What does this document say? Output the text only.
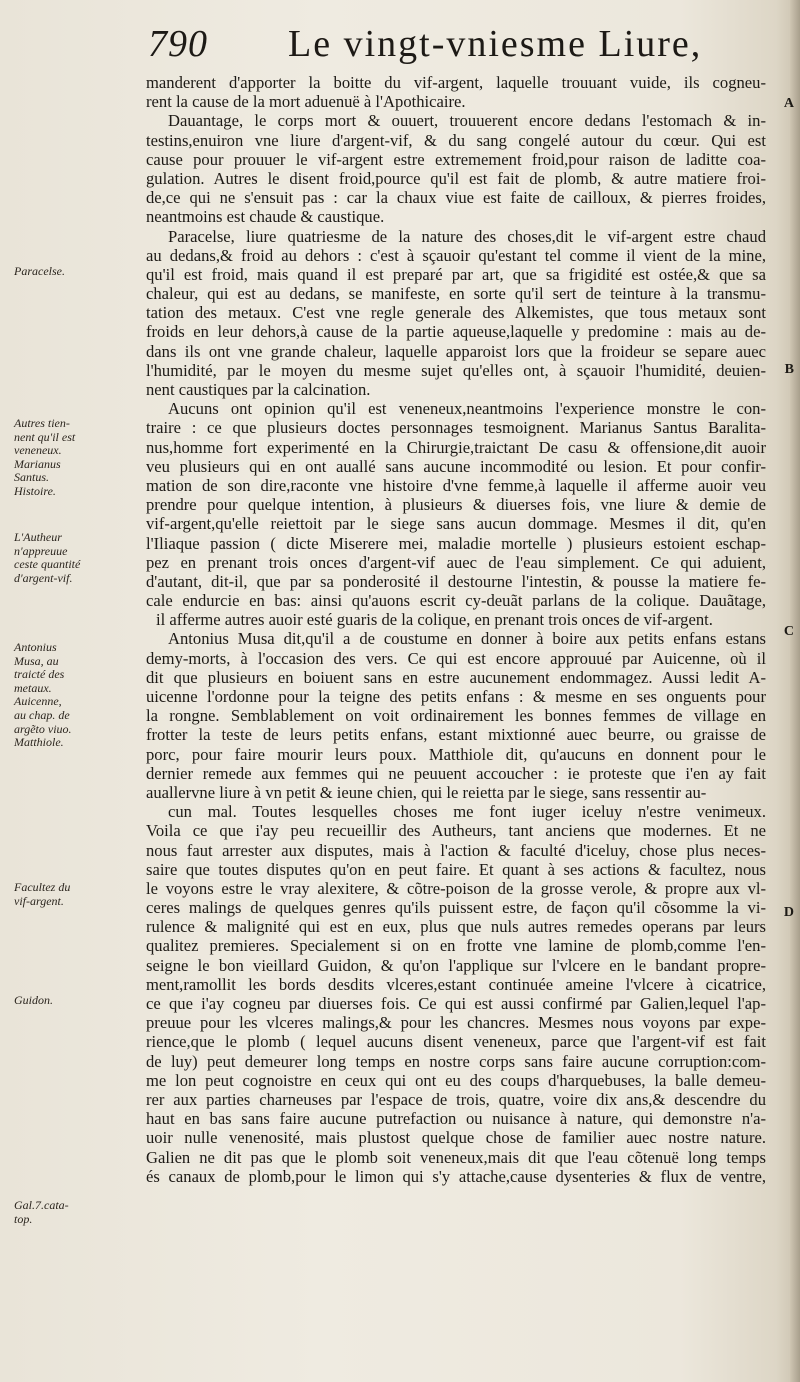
790 Le vingt-vniesme Liure,
Paracelse.
Autres tien-
nent qu'il est
veneneux.
Marianus
Santus.
Histoire.
L'Autheur
n'appreuue
ceste quantité
d'argent-vif.
Antonius
Musa, au
traicté des
metaux.
Auicenne,
au chap. de
argẽto viuo.
Matthiole.
Facultez du
vif-argent.
Guidon.
Gal.7.cata-
top.
A
B
C
D
manderent d'apporter la boitte du vif-argent, laquelle trouuant vuide, ils cogneu-
rent la cause de la mort aduenuë à l'Apothicaire.
Dauantage, le corps mort & ouuert, trouuerent encore dedans l'estomach & in-
testins,enuiron vne liure d'argent-vif, & du sang congelé autour du cœur. Qui est
cause pour prouuer le vif-argent estre extremement froid,pour raison de laditte coa-
gulation. Autres le disent froid,pource qu'il est fait de plomb, & autre matiere froi-
de,ce qui ne s'ensuit pas : car la chaux viue est faite de cailloux, & pierres froides,
neantmoins est chaude & caustique.
Paracelse, liure quatriesme de la nature des choses,dit le vif-argent estre chaud
au dedans,& froid au dehors : c'est à sçauoir qu'estant tel comme il vient de la mine,
qu'il est froid, mais quand il est preparé par art, que sa frigidité est ostée,& que sa
chaleur, qui est au dedans, se manifeste, en sorte qu'il sert de teinture à la transmu-
tation des metaux. C'est vne regle generale des Alkemistes, que tous metaux sont
froids en leur dehors,à cause de la partie aqueuse,laquelle y predomine : mais au de-
dans ils ont vne grande chaleur, laquelle apparoist lors que la froideur se separe auec
l'humidité, par le moyen du mesme sujet qu'elles ont, à sçauoir l'humidité, deuien-
nent caustiques par la calcination.
Aucuns ont opinion qu'il est veneneux,neantmoins l'experience monstre le con-
traire : ce que plusieurs doctes personnages tesmoignent. Marianus Santus Baralita-
nus,homme fort experimenté en la Chirurgie,traictant De casu & offensione,dit auoir
veu plusieurs qui en ont auallé sans aucune incommodité ou lesion. Et pour confir-
mation de son dire,raconte vne histoire d'vne femme,à laquelle il afferme auoir veu
prendre pour quelque intention, à plusieurs & diuerses fois, vne liure & demie de
vif-argent,qu'elle reiettoit par le siege sans aucun dommage. Mesmes il dit, qu'en
l'Iliaque passion ( dicte Miserere mei, maladie mortelle ) plusieurs estoient eschap-
pez en prenant trois onces d'argent-vif auec de l'eau simplement. Ce qui aduient,
d'autant, dit-il, que par sa ponderosité il destourne l'intestin, & pousse la matiere fe-
cale endurcie en bas: ainsi qu'auons escrit cy-deuãt parlans de la colique. Dauãtage,
il afferme autres auoir esté guaris de la colique, en prenant trois onces de vif-argent.
Antonius Musa dit,qu'il a de coustume en donner à boire aux petits enfans estans
demy-morts, à l'occasion des vers. Ce qui est encore approuué par Auicenne, où il
dit que plusieurs en boiuent sans en estre aucunement endommagez. Aussi ledit A-
uicenne l'ordonne pour la teigne des petits enfans : & mesme en ses onguents pour
la rongne. Semblablement on voit ordinairement les bonnes femmes de village en
frotter la teste de leurs petits enfans, estant mixtionné auec beurre, ou graisse de
porc, pour faire mourir leurs poux. Matthiole dit, qu'aucuns en donnent pour le
dernier remede aux femmes qui ne peuuent accoucher : ie proteste que i'en ay fait
auallervne liure à vn petit & ieune chien, qui le reietta par le siege, sans ressentir au-
cun mal. Toutes lesquelles choses me font iuger iceluy n'estre venimeux.
Voila ce que i'ay peu recueillir des Autheurs, tant anciens que modernes. Et ne
nous faut arrester aux disputes, mais à l'action & faculté d'iceluy, chose plus neces-
saire que toutes disputes qu'on en peut faire. Et quant à ses actions & facultez, nous
le voyons estre le vray alexitere, & cõtre-poison de la grosse verole, & propre aux vl-
ceres malings de quelques genres qu'ils puissent estre, de façon qu'il cõsomme la vi-
rulence & malignité qui est en eux, plus que nuls autres remedes operans par leurs
qualitez premieres. Specialement si on en frotte vne lamine de plomb,comme l'en-
seigne le bon vieillard Guidon, & qu'on l'applique sur l'vlcere en le bandant propre-
ment,ramollit les bords desdits vlceres,estant continuée ameine l'vlcere à cicatrice,
ce que i'ay cogneu par diuerses fois. Ce qui est aussi confirmé par Galien,lequel l'ap-
preuue pour les vlceres malings,& pour les chancres. Mesmes nous voyons par expe-
rience,que le plomb ( lequel aucuns disent veneneux, parce que l'argent-vif est fait
de luy) peut demeurer long temps en nostre corps sans faire aucune corruption:com-
me lon peut cognoistre en ceux qui ont eu des coups d'harquebuses, la balle demeu-
rer aux parties charneuses par l'espace de trois, quatre, voire dix ans,& descendre du
haut en bas sans faire aucune putrefaction ou nuisance à nature, qui demonstre n'a-
uoir nulle venenosité, mais plustost quelque chose de familier auec nostre nature.
Galien ne dit pas que le plomb soit veneneux,mais dit que l'eau cõtenuë long temps
és canaux de plomb,pour le limon qui s'y attache,cause dysenteries & flux de ventre,
